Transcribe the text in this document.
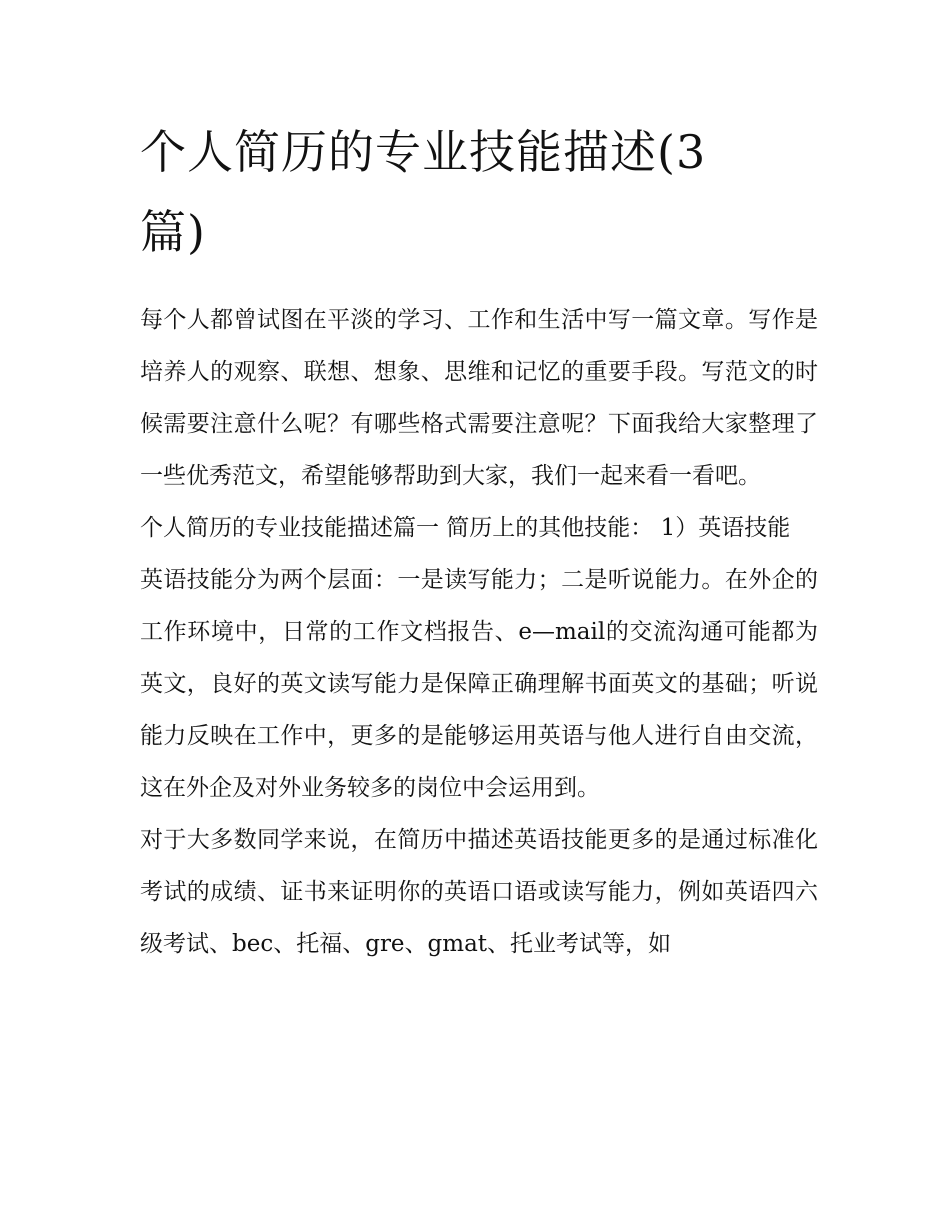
个人简历的专业技能描述(3篇)

每个人都曾试图在平淡的学习、工作和生活中写一篇文章。写作是培养人的观察、联想、想象、思维和记忆的重要手段。写范文的时候需要注意什么呢？有哪些格式需要注意呢？下面我给大家整理了一些优秀范文，希望能够帮助到大家，我们一起来看一看吧。

个人简历的专业技能描述篇一 简历上的其他技能： 1）英语技能

英语技能分为两个层面：一是读写能力；二是听说能力。在外企的工作环境中，日常的工作文档报告、e—mail的交流沟通可能都为英文，良好的英文读写能力是保障正确理解书面英文的基础；听说能力反映在工作中，更多的是能够运用英语与他人进行自由交流，这在外企及对外业务较多的岗位中会运用到。

对于大多数同学来说，在简历中描述英语技能更多的是通过标准化考试的成绩、证书来证明你的英语口语或读写能力，例如英语四六级考试、bec、托福、gre、gmat、托业考试等，如
